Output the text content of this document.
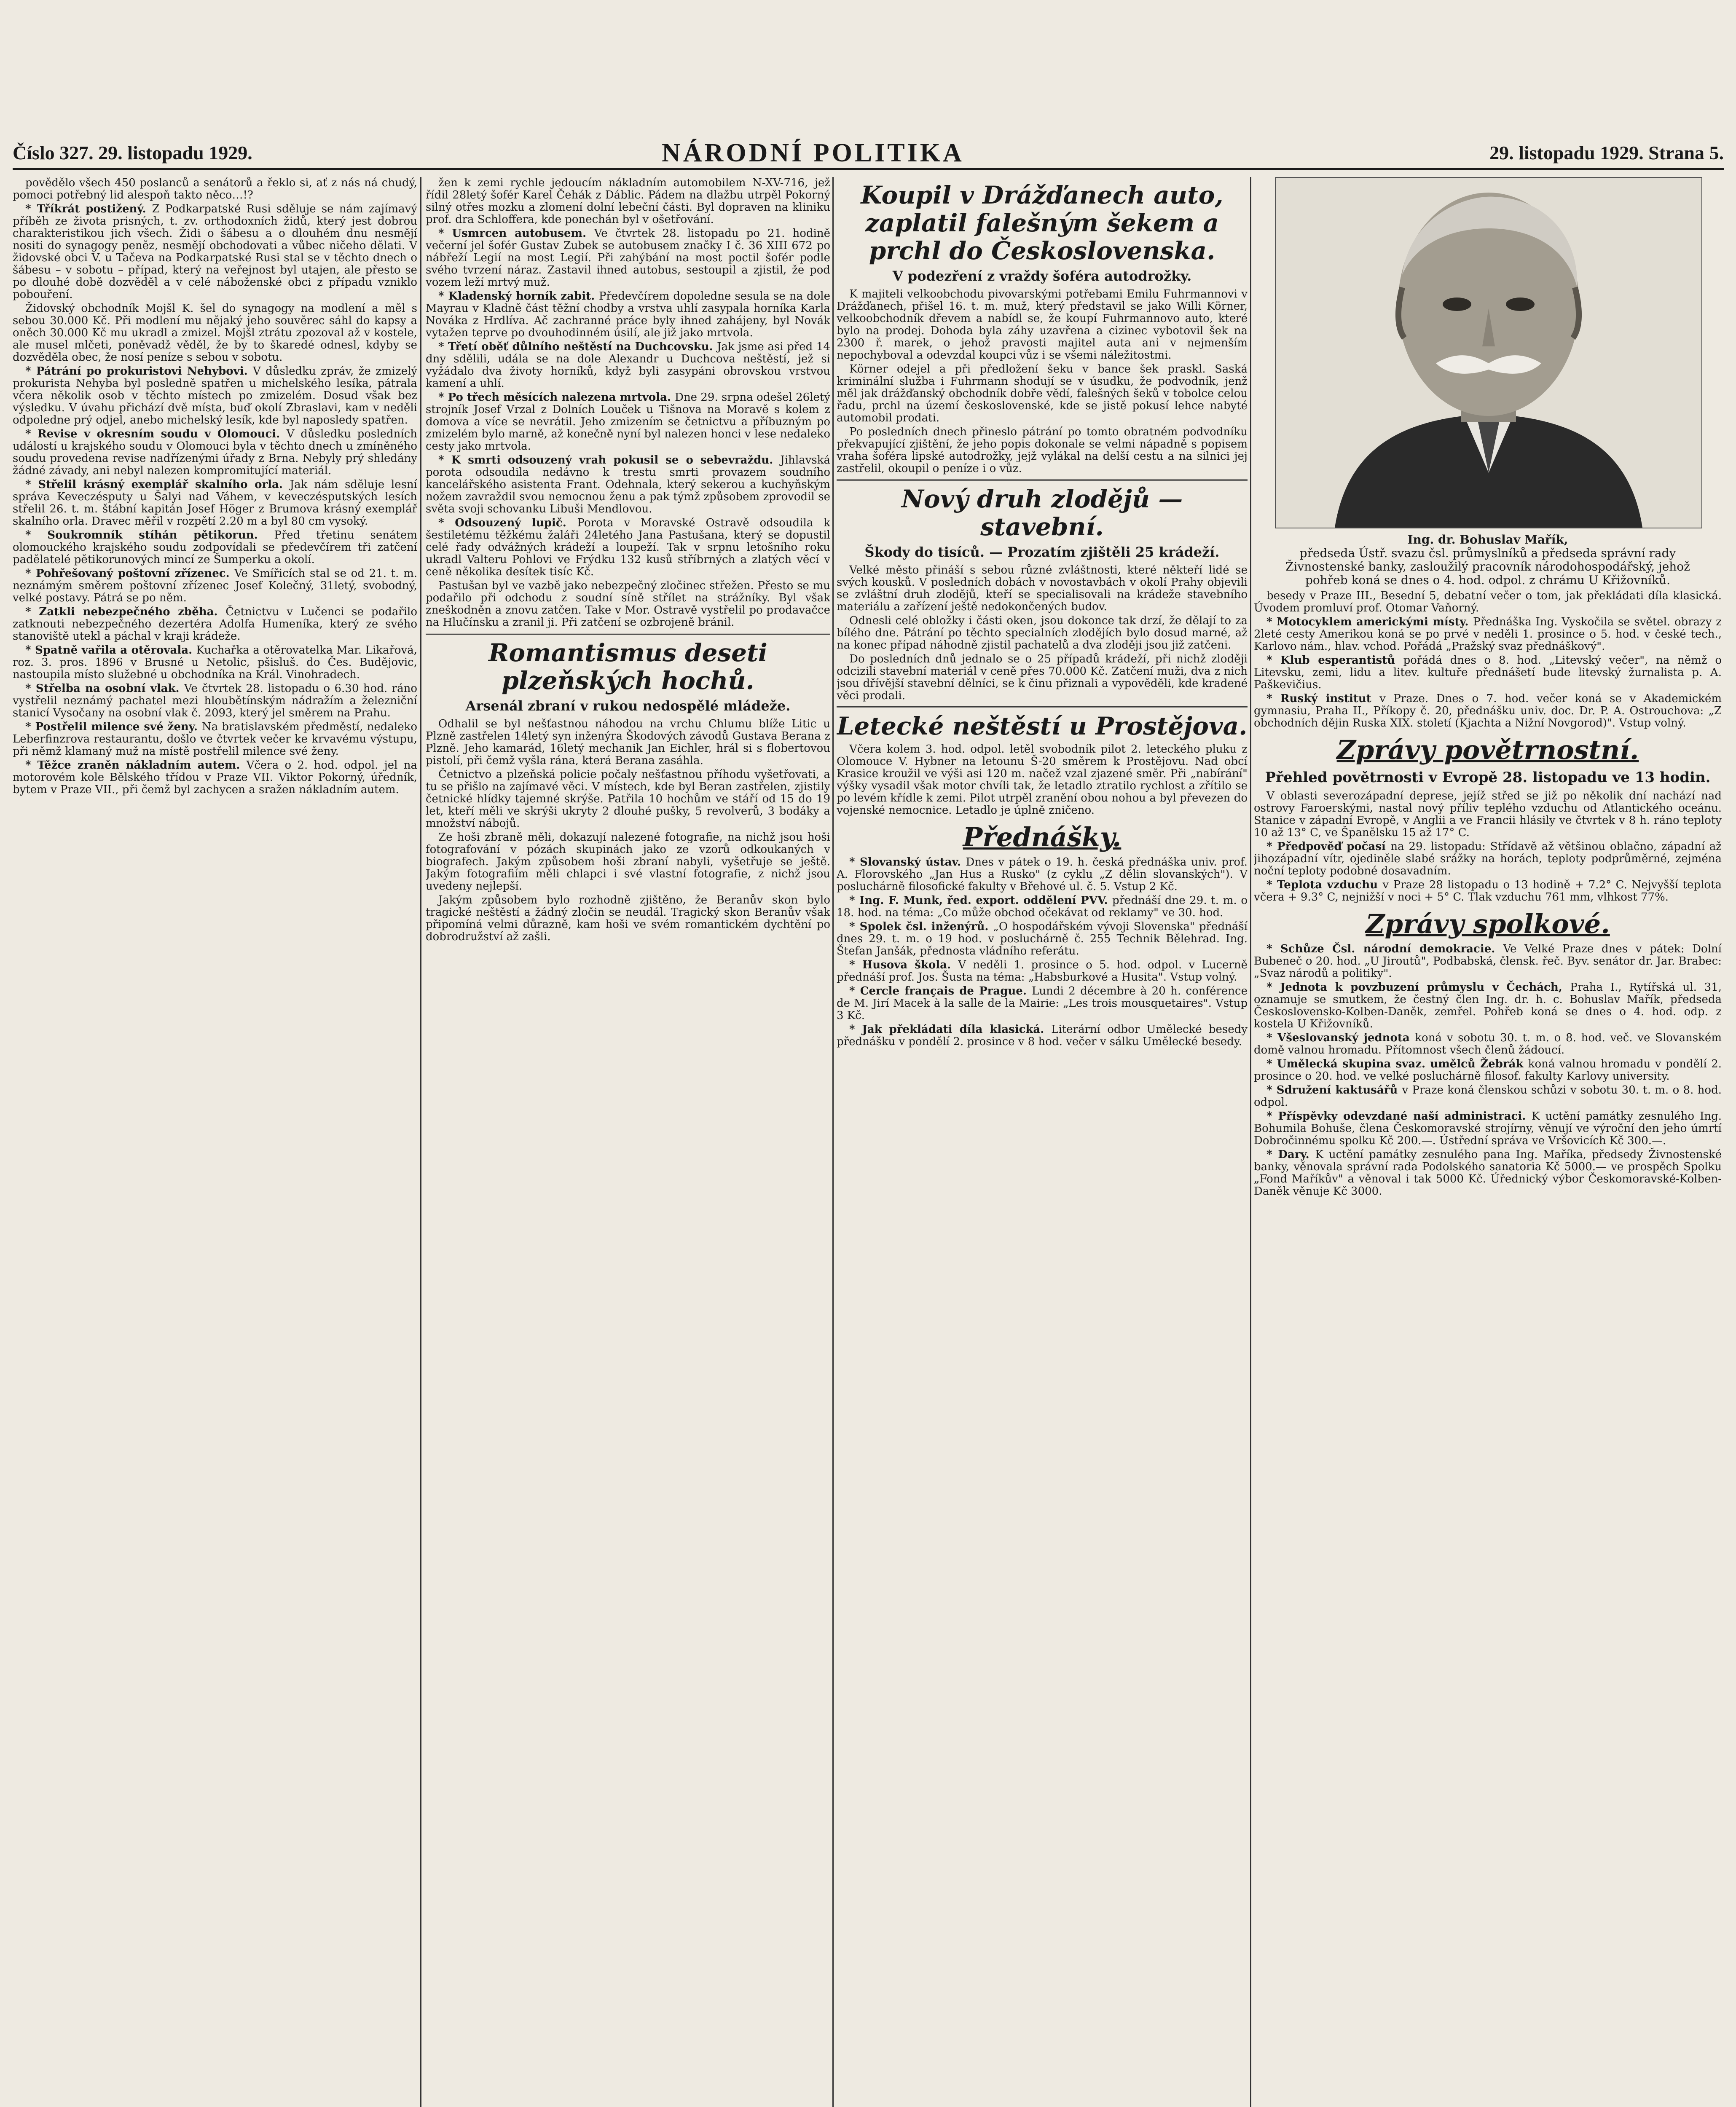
Číslo 327. 29. listopadu 1929.	NÁRODNÍ POLITIKA	29. listopadu 1929. Strana 5.

povědělo všech 450 poslanců a senátorů a řeklo si, ať z nás ná chudý, pomoci potřebný lid alespoň takto něco…!?

* Tříkrát postižený. Z Podkarpatské Rusi sděluje se nám zajímavý příběh ze života prisných, t. zv. orthodoxních židů, který jest dobrou charakteristikou jich všech. Židi o šábesu a o dlouhém dnu nesmějí nositi do synagogy peněz, nesmějí obchodovati a vůbec ničeho dělati. V židovské obci V. u Tačeva na Podkarpatské Rusi stal se v těchto dnech o šábesu – v sobotu – případ, který na veřejnost byl utajen, ale přesto se po dlouhé době dozvěděl a v celé náboženské obci z případu vzniklo pobouření.

Židovský obchodník Mojšl K. šel do synagogy na modlení a měl s sebou 30.000 Kč. Při modlení mu nějaký jeho souvěrec sáhl do kapsy a oněch 30.000 Kč mu ukradl a zmizel. Mojšl ztrátu zpozoval až v kostele, ale musel mlčeti, poněvadž věděl, že by to škaredé odnesl, kdyby se dozvěděla obec, že nosí peníze s sebou v sobotu.

* Pátrání po prokuristovi Nehybovi. V důsledku zpráv, že zmizelý prokurista Nehyba byl posledně spatřen u michelského lesíka, pátrala včera několik osob v těchto místech po zmizelém. Dosud však bez výsledku. V úvahu přichází dvě místa, buď okolí Zbraslavi, kam v neděli odpoledne prý odjel, anebo michelský lesík, kde byl naposledy spatřen.

* Revise v okresním soudu v Olomouci. V důsledku posledních událostí u krajského soudu v Olomouci byla v těchto dnech u zmíněného soudu provedena revise nadřízenými úřady z Brna. Nebyly prý shledány žádné závady, ani nebyl nalezen kompromitující materiál.

* Střelil krásný exemplář skalního orla. Jak nám sděluje lesní správa Keveczésputy u Šalyi nad Váhem, v keveczésputských lesích střelil 26. t. m. štábní kapitán Josef Höger z Brumova krásný exemplář skalního orla. Dravec měřil v rozpětí 2.20 m a byl 80 cm vysoký.

* Soukromník stíhán pětikorun. Před třetinu senátem olomouckého krajského soudu zodpovídali se předevčírem tři zatčení padělatelé pětikorunových mincí ze Šumperku a okolí.

* Pohřešovaný poštovní zřízenec. Ve Smířicích stal se od 21. t. m. neznámým směrem poštovní zřízenec Josef Kolečný, 31letý, svobodný, velké postavy. Pátrá se po něm.

* Zatkli nebezpečného zběha. Četnictvu v Lučenci se podařilo zatknouti nebezpečného dezertéra Adolfa Humeníka, který ze svého stanoviště utekl a páchal v kraji krádeže.

* Spatně vařila a otěrovala. Kuchařka a otěrovatelka Mar. Likařová, roz. 3. pros. 1896 v Brusné u Netolic, pšisluš. do Čes. Budějovic, nastoupila místo služebné u obchodníka na Král. Vinohradech.

* Střelba na osobní vlak. Ve čtvrtek 28. listopadu o 6.30 hod. ráno vystřelil neznámý pachatel mezi hloubětínským nádražím a železniční stanicí Vysočany na osobní vlak č. 2093, který jel směrem na Prahu.

* Postřelil milence své ženy. Na bratislavském předměstí, nedaleko Leberfinzrova restaurantu, došlo ve čtvrtek večer ke krvavému výstupu, při němž klamaný muž na místě postřelil milence své ženy.

* Těžce zraněn nákladním autem. Včera o 2. hod. odpol. jel na motorovém kole Bělského třídou v Praze VII. Viktor Pokorný, úředník, bytem v Praze VII., při čemž byl zachycen a sražen nákladním autem.

žen k zemi rychle jedoucím nákladním automobilem N-XV-716, jež řídil 28letý šofér Karel Čehák z Dáblic. Pádem na dlažbu utrpěl Pokorný silný otřes mozku a zlomení dolní lebeční části. Byl dopraven na kliniku prof. dra Schloffera, kde ponechán byl v ošetřování.

* Usmrcen autobusem. Ve čtvrtek 28. listopadu po 21. hodině večerní jel šofér Gustav Zubek se autobusem značky I č. 36 XIII 672 po nábřeží Legií na most Legií. Při zahýbání na most poctil šofér podle svého tvrzení náraz. Zastavil ihned autobus, sestoupil a zjistil, že pod vozem leží mrtvý muž.

* Kladenský horník zabit. Předevčírem dopoledne sesula se na dole Mayrau v Kladně část těžní chodby a vrstva uhlí zasypala horníka Karla Nováka z Hrdlíva. Ač zachranné práce byly ihned zahájeny, byl Novák vytažen teprve po dvouhodinném úsilí, ale již jako mrtvola.

* Třetí oběť důlního neštěstí na Duchcovsku. Jak jsme asi před 14 dny sdělili, udála se na dole Alexandr u Duchcova neštěstí, jež si vyžádalo dva životy horníků, když byli zasypáni obrovskou vrstvou kamení a uhlí.

* Po třech měsících nalezena mrtvola. Dne 29. srpna odešel 26letý strojník Josef Vrzal z Dolních Louček u Tišnova na Moravě s kolem z domova a více se nevrátil. Jeho zmizením se četnictvu a příbuzným po zmizelém bylo marně, až konečně nyní byl nalezen honci v lese nedaleko cesty jako mrtvola.

* K smrti odsouzený vrah pokusil se o sebevraždu. Jihlavská porota odsoudila nedávno k trestu smrti provazem soudního kancelářského asistenta Frant. Odehnala, který sekerou a kuchyňským nožem zavraždil svou nemocnou ženu a pak týmž způsobem zprovodil se světa svoji schovanku Libuši Mendlovou.

* Odsouzený lupič. Porota v Moravské Ostravě odsoudila k šestiletému těžkému žaláři 24letého Jana Pastušana, který se dopustil celé řady odvážných krádeží a loupeží. Tak v srpnu letošního roku ukradl Valteru Pohlovi ve Frýdku 132 kusů stříbrných a zlatých věcí v ceně několika desítek tisíc Kč.

Pastušan byl ve vazbě jako nebezpečný zločinec střežen. Přesto se mu podařilo při odchodu z soudní síně střílet na strážníky. Byl však zneškodněn a znovu zatčen. Take v Mor. Ostravě vystřelil po prodavačce na Hlučínsku a zranil ji. Při zatčení se ozbrojeně bránil.

Romantismus deseti plzeňských hochů.
Arsenál zbraní v rukou nedospělé mládeže.

Odhalil se byl nešťastnou náhodou na vrchu Chlumu blíže Litic u Plzně zastřelen 14letý syn inženýra Škodových závodů Gustava Berana z Plzně. Jeho kamarád, 16letý mechanik Jan Eichler, hrál si s flobertovou pistolí, při čemž vyšla rána, která Berana zasáhla.

Četnictvo a plzeňská policie počaly nešťastnou příhodu vyšetřovati, a tu se přišlo na zajímavé věci. V místech, kde byl Beran zastřelen, zjistily četnické hlídky tajemné skrýše. Patřila 10 hochům ve stáří od 15 do 19 let, kteří měli ve skrýši ukryty 2 dlouhé pušky, 5 revolverů, 3 bodáky a množství nábojů.

Ze hoši zbraně měli, dokazují nalezené fotografie, na nichž jsou hoši fotografování v pózách skupinách jako ze vzorů odkoukaných v biografech. Jakým způsobem hoši zbraní nabyli, vyšetřuje se ještě. Jakým fotografiím měli chlapci i své vlastní fotografie, z nichž jsou uvedeny nejlepší.

Jakým způsobem bylo rozhodně zjištěno, že Beranův skon bylo tragické neštěstí a žádný zločin se neudál. Tragický skon Beranův však připomíná velmi důrazně, kam hoši ve svém romantickém dychtění po dobrodružství až zašli.

Koupil v Drážďanech auto, zaplatil falešným šekem a prchl do Československa.
V podezření z vraždy šoféra autodrožky.

K majiteli velkoobchodu pivovarskými potřebami Emilu Fuhrmannovi v Drážďanech, přišel 16. t. m. muž, který představil se jako Willi Körner, velkoobchodník dřevem a nabídl se, že koupí Fuhrmannovo auto, které bylo na prodej. Dohoda byla záhy uzavřena a cizinec vybotovil šek na 2300 ř. marek, o jehož pravosti majitel auta ani v nejmenším nepochyboval a odevzdal koupci vůz i se všemi náležitostmi.

Körner odejel a při předložení šeku v bance šek praskl. Saská kriminální služba i Fuhrmann shodují se v úsudku, že podvodník, jenž měl jak drážďanský obchodník dobře vědí, falešných šeků v tobolce celou řadu, prchl na území československé, kde se jistě pokusí lehce nabyté automobil prodati.

Po posledních dnech přineslo pátrání po tomto obratném podvodníku překvapující zjištění, že jeho popis dokonale se velmi nápadně s popisem vraha šoféra lipské autodrožky, jejž vylákal na delší cestu a na silnici jej zastřelil, okoupil o peníze i o vůz.

Nový druh zlodějů — stavební.
Škody do tisíců. — Prozatím zjištěli 25 krádeží.

Velké město přináší s sebou různé zvláštnosti, které někteří lidé se svých kousků. V posledních dobách v novostavbách v okolí Prahy objevili se zvláštní druh zlodějů, kteří se specialisovali na krádeže stavebního materiálu a zařízení ještě nedokončených budov.

Odnesli celé obložky i části oken, jsou dokonce tak drzí, že dělají to za bílého dne. Pátrání po těchto specialních zlodějích bylo dosud marné, až na konec případ náhodně zjistil pachatelů a dva zloději jsou již zatčeni.

Do posledních dnů jednalo se o 25 případů krádeží, při nichž zloději odcizili stavební materiál v ceně přes 70.000 Kč. Zatčení muži, dva z nich jsou dřívější stavební dělníci, se k činu přiznali a vypověděli, kde kradené věci prodali.

Letecké neštěstí u Prostějova.

Včera kolem 3. hod. odpol. letěl svobodník pilot 2. leteckého pluku z Olomouce V. Hybner na letounu Š-20 směrem k Prostějovu. Nad obcí Krasice kroužil ve výši asi 120 m. načež vzal zjazené směr. Při „nabírání" výšky vysadil však motor chvíli tak, že letadlo ztratilo rychlost a zřítilo se po levém křídle k zemi. Pilot utrpěl zranění obou nohou a byl převezen do vojenské nemocnice. Letadlo je úplně zničeno.

Přednášky.

* Slovanský ústav. Dnes v pátek o 19. h. česká přednáška univ. prof. A. Florovského „Jan Hus a Rusko" (z cyklu „Z dělin slovanských"). V posluchárně filosofické fakulty v Břehové ul. č. 5. Vstup 2 Kč.

* Ing. F. Munk, řed. export. oddělení PVV. přednáší dne 29. t. m. o 18. hod. na téma: „Co může obchod očekávat od reklamy" ve 30. hod.

* Spolek čsl. inženýrů. „O hospodářském vývoji Slovenska" přednáší dnes 29. t. m. o 19 hod. v posluchárně č. 255 Technik Bělehrad. Ing. Štefan Janšák, přednosta vládního referátu.

* Husova škola. V neděli 1. prosince o 5. hod. odpol. v Lucerně přednáší prof. Jos. Šusta na téma: „Habsburkové a Husita". Vstup volný.

* Cercle français de Prague. Lundi 2 décembre à 20 h. conférence de M. Jirí Macek à la salle de la Mairie: „Les trois mousquetaires". Vstup 3 Kč.

* Jak překládati díla klasická. Literární odbor Umělecké besedy přednášku v pondělí 2. prosince v 8 hod. večer v sálku Umělecké besedy.

Ing. dr. Bohuslav Mařík,
předseda Ústř. svazu čsl. průmyslníků a předseda správní rady Živnostenské banky, zasloužilý pracovník národohospodářský, jehož pohřeb koná se dnes o 4. hod. odpol. z chrámu U Křižovníků.

besedy v Praze III., Besední 5, debatní večer o tom, jak překládati díla klasická. Úvodem promluví prof. Otomar Vaňorný.

* Motocyklem americkými místy. Přednáška Ing. Vyskočila se světel. obrazy z 2leté cesty Amerikou koná se po prvé v neděli 1. prosince o 5. hod. v české tech., Karlovo nám., hlav. vchod. Pořádá „Pražský svaz přednáškový".

* Klub esperantistů pořádá dnes o 8. hod. „Litevský večer", na němž o Litevsku, zemi, lidu a litev. kultuře přednášetí bude litevský žurnalista p. A. Paškevičius.

* Ruský institut v Praze. Dnes o 7. hod. večer koná se v Akademickém gymnasiu, Praha II., Příkopy č. 20, přednášku univ. doc. Dr. P. A. Ostrouchova: „Z obchodních dějin Ruska XIX. století (Kjachta a Nižní Novgorod)". Vstup volný.

Zprávy povětrnostní.
Přehled povětrnosti v Evropě 28. listopadu ve 13 hodin.

V oblasti severozápadní deprese, jejíž střed se již po několik dní nachází nad ostrovy Faroerskými, nastal nový příliv teplého vzduchu od Atlantického oceánu. Stanice v západní Evropě, v Anglii a ve Francii hlásily ve čtvrtek v 8 h. ráno teploty 10 až 13° C, ve Španělsku 15 až 17° C.

* Předpověď počasí na 29. listopadu: Střídavě až většinou oblačno, západní až jihozápadní vítr, ojediněle slabé srážky na horách, teploty podprůměrné, zejména noční teploty podobné dosavadním.

* Teplota vzduchu v Praze 28 listopadu o 13 hodině + 7.2° C. Nejvyšší teplota včera + 9.3° C, nejnižší v noci + 5° C. Tlak vzduchu 761 mm, vlhkost 77%.

Zprávy spolkové.

* Schůze Čsl. národní demokracie. Ve Velké Praze dnes v pátek: Dolní Bubeneč o 20. hod. „U Jiroutů", Podbabská, člensk. řeč. Byv. senátor dr. Jar. Brabec: „Svaz národů a politiky".

* Jednota k povzbuzení průmyslu v Čechách, Praha I., Rytířská ul. 31, oznamuje se smutkem, že čestný člen Ing. dr. h. c. Bohuslav Mařík, předseda Československo-Kolben-Daněk, zemřel. Pohřeb koná se dnes o 4. hod. odp. z kostela U Křižovníků.

* Všeslovanský jednota koná v sobotu 30. t. m. o 8. hod. več. ve Slovanském domě valnou hromadu. Přítomnost všech členů žádoucí.

* Umělecká skupina svaz. umělců Žebrák koná valnou hromadu v pondělí 2. prosince o 20. hod. ve velké posluchárně filosof. fakulty Karlovy university.

* Sdružení kaktusářů v Praze koná členskou schůzi v sobotu 30. t. m. o 8. hod. odpol.

* Příspěvky odevzdané naší administraci. K uctění památky zesnulého Ing. Bohumila Bohuše, člena Českomoravské strojírny, věnují ve výroční den jeho úmrtí Dobročinnému spolku Kč 200.—. Ústřední správa ve Vršovicích Kč 300.—.

* Dary. K uctění památky zesnulého pana Ing. Maříka, předsedy Živnostenské banky, věnovala správní rada Podolského sanatoria Kč 5000.— ve prospěch Spolku „Fond Maříkův" a věnoval i tak 5000 Kč. Úřednický výbor Českomoravské-Kolben-Daněk věnuje Kč 3000.
